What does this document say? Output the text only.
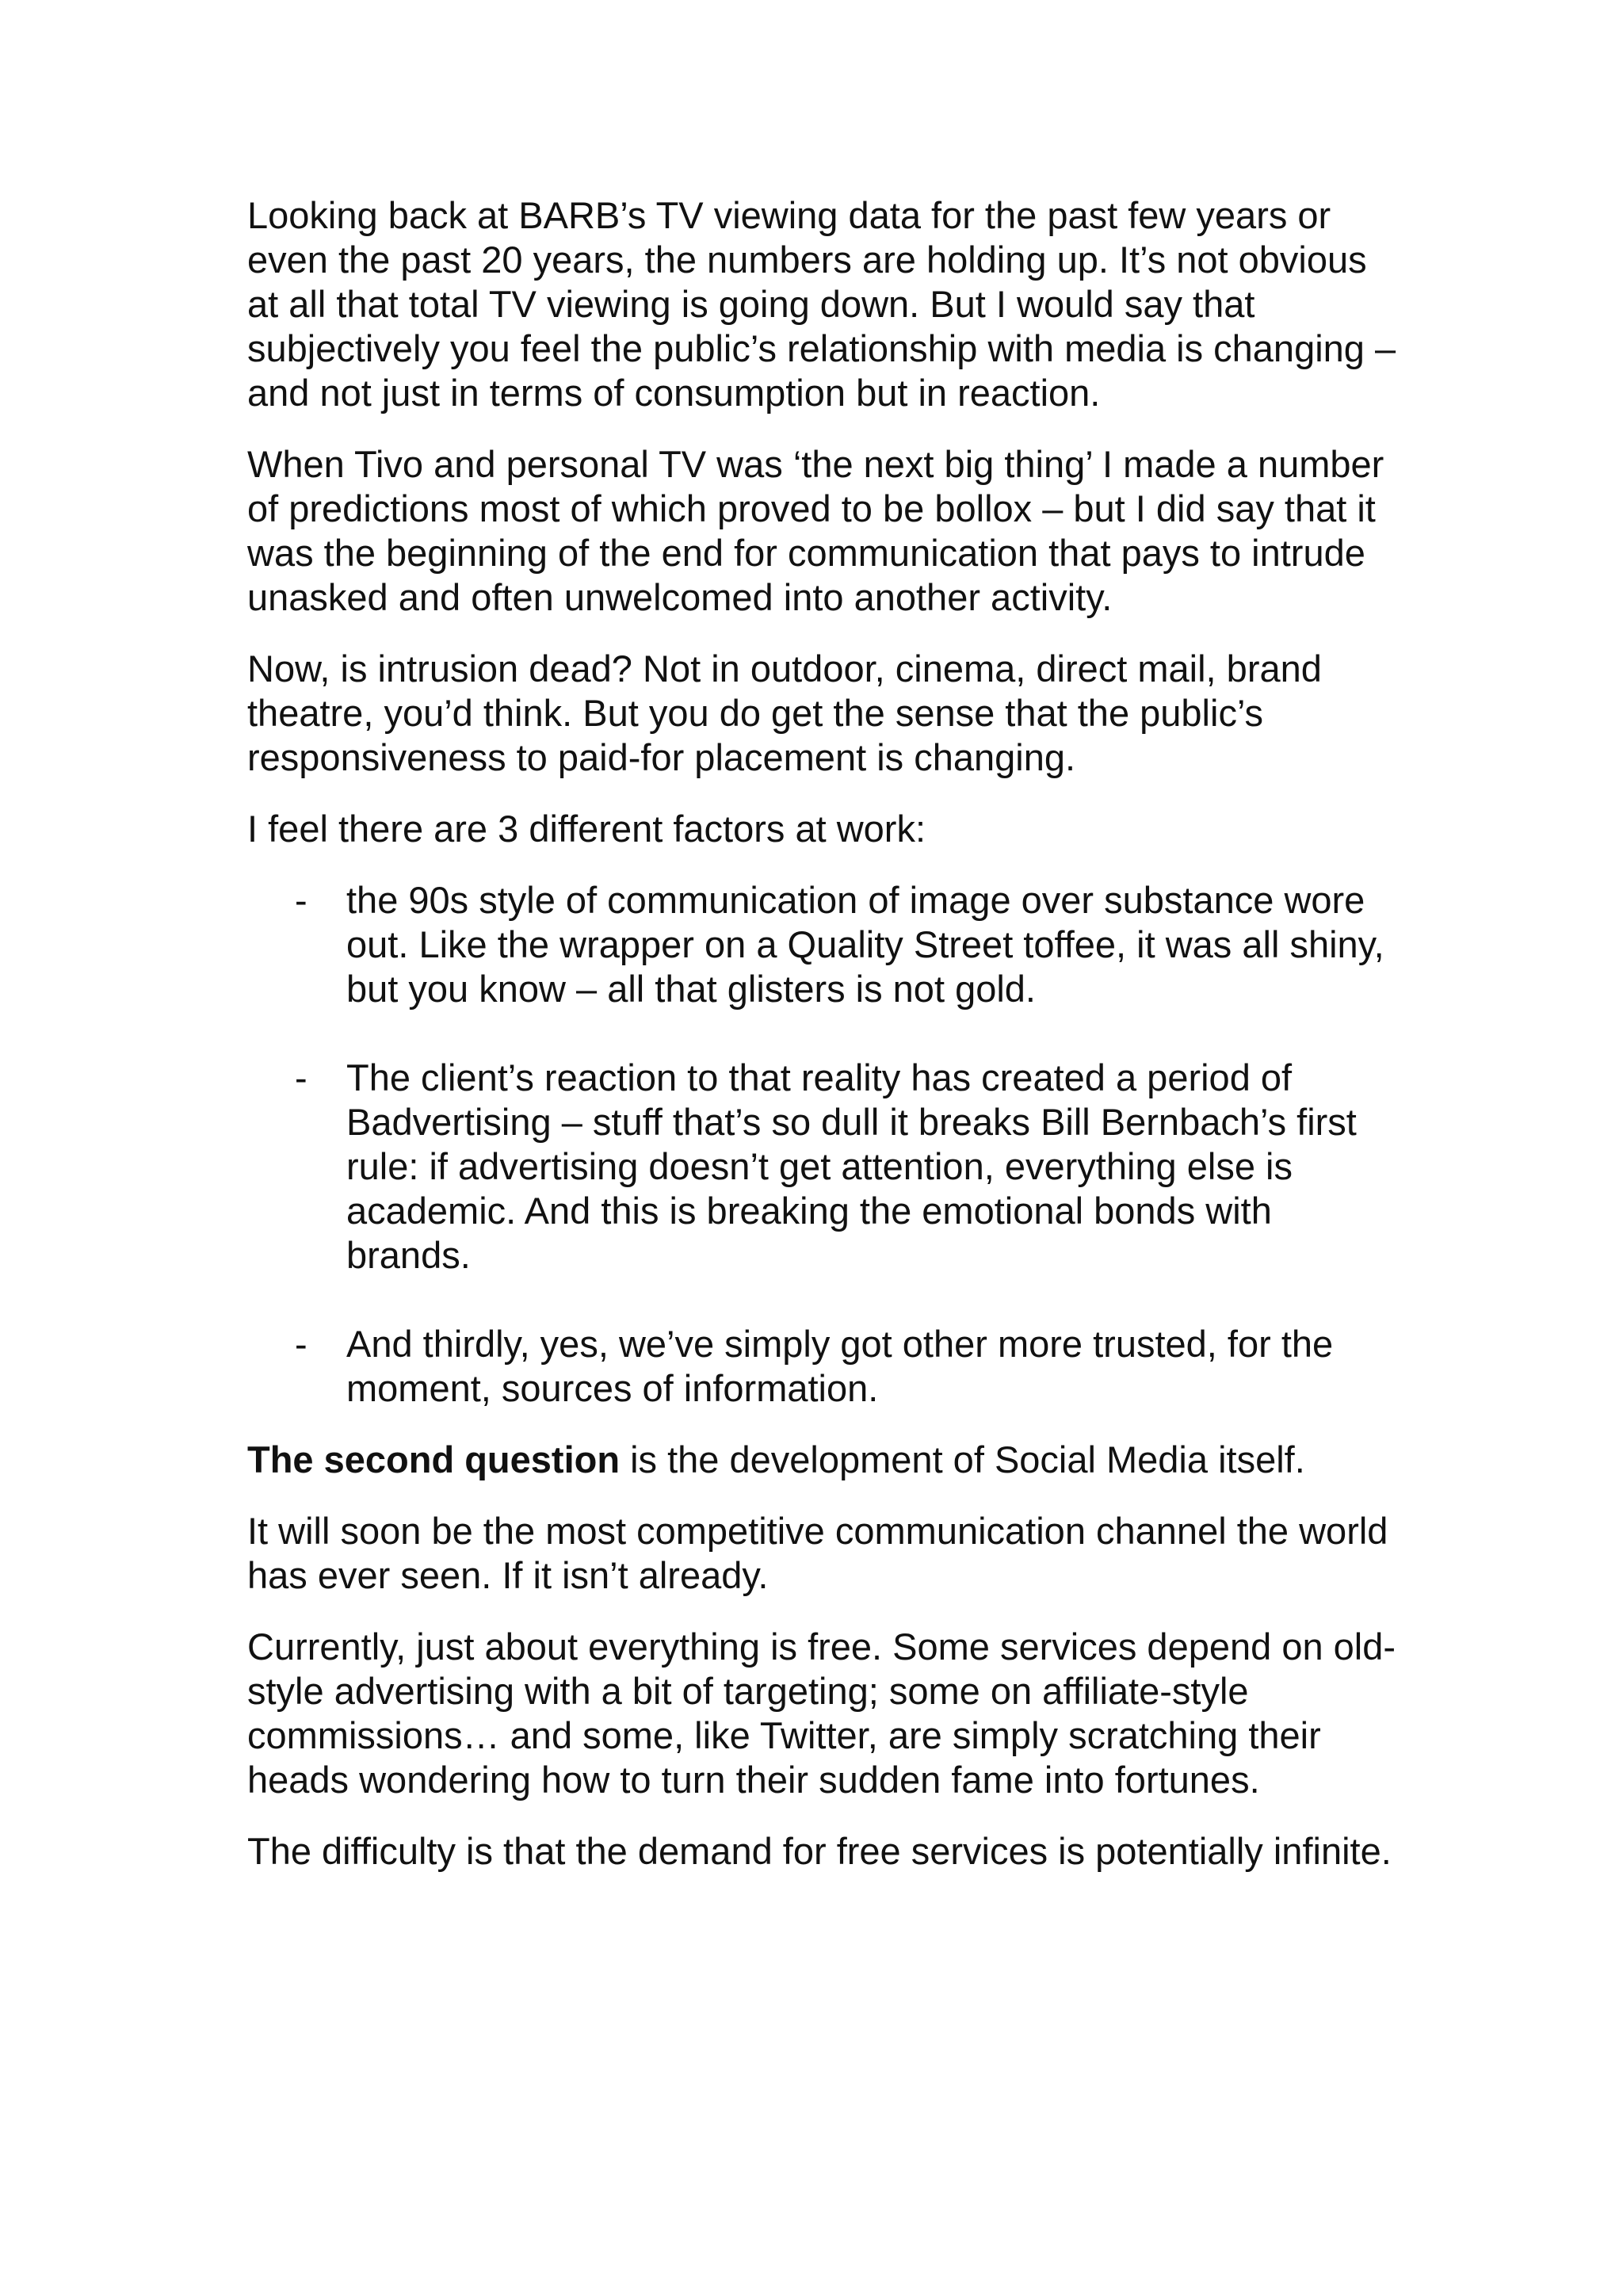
Looking back at BARB’s TV viewing data for the past few years or even the past 20 years, the numbers are holding up. It’s not obvious at all that total TV viewing is going down. But I would say that subjectively you feel the public’s relationship with media is changing – and not just in terms of consumption but in reaction.

When Tivo and personal TV was ‘the next big thing’ I made a number of predictions most of which proved to be bollox – but I did say that it was the beginning of the end for communication that pays to intrude unasked and often unwelcomed into another activity.

Now, is intrusion dead? Not in outdoor, cinema, direct mail, brand theatre, you’d think. But you do get the sense that the public’s responsiveness to paid-for placement is changing.

I feel there are 3 different factors at work:

- the 90s style of communication of image over substance wore out. Like the wrapper on a Quality Street toffee, it was all shiny, but you know – all that glisters is not gold.
- The client’s reaction to that reality has created a period of Badvertising – stuff that’s so dull it breaks Bill Bernbach’s first rule: if advertising doesn’t get attention, everything else is academic. And this is breaking the emotional bonds with brands.
- And thirdly, yes, we’ve simply got other more trusted, for the moment, sources of information.

The second question is the development of Social Media itself.

It will soon be the most competitive communication channel the world has ever seen. If it isn’t already.

Currently, just about everything is free. Some services depend on old-style advertising with a bit of targeting; some on affiliate-style commissions… and some, like Twitter, are simply scratching their heads wondering how to turn their sudden fame into fortunes.

The difficulty is that the demand for free services is potentially infinite.
